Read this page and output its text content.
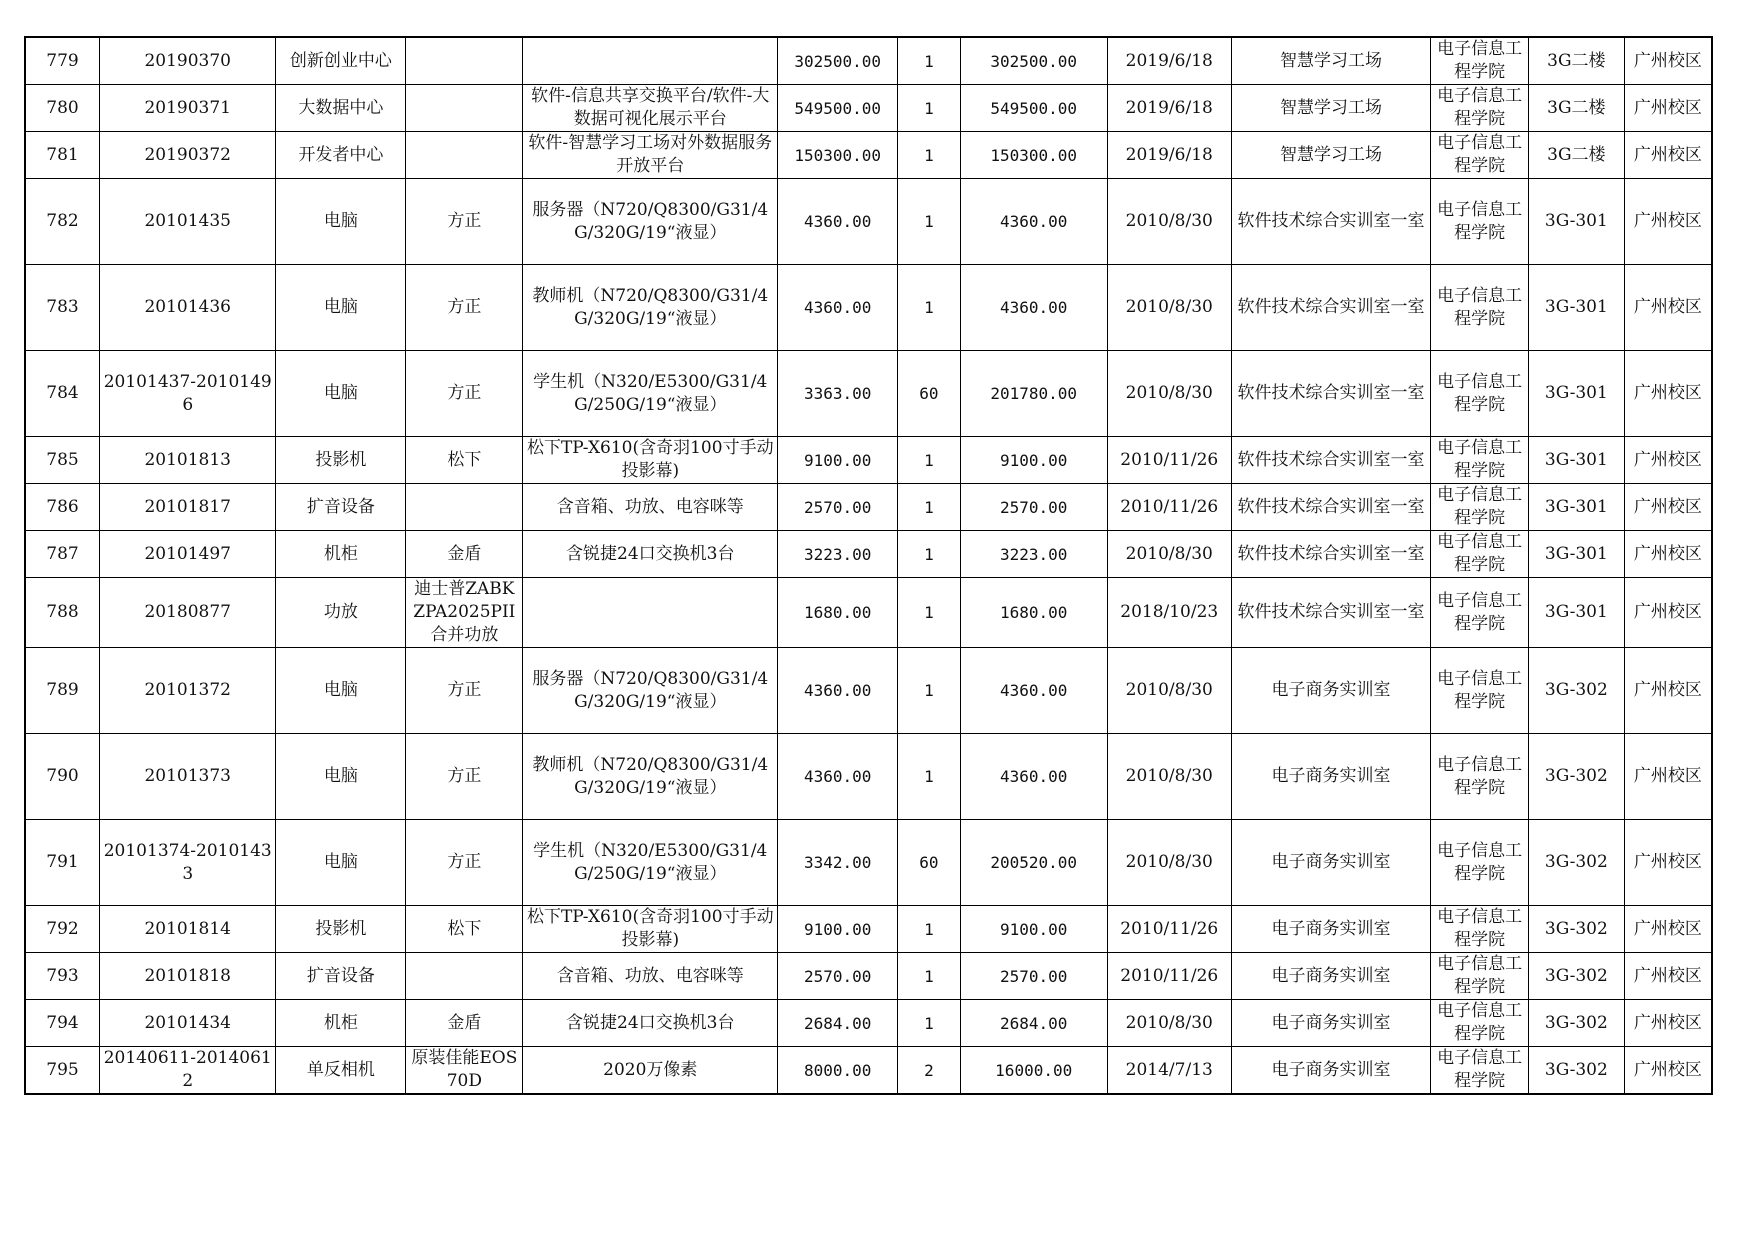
779	20190370	创新创业中心			302500.00	1	302500.00	2019/6/18	智慧学习工场	电子信息工程学院	3G二楼	广州校区
780	20190371	大数据中心		软件-信息共享交换平台/软件-大数据可视化展示平台	549500.00	1	549500.00	2019/6/18	智慧学习工场	电子信息工程学院	3G二楼	广州校区
781	20190372	开发者中心		软件-智慧学习工场对外数据服务开放平台	150300.00	1	150300.00	2019/6/18	智慧学习工场	电子信息工程学院	3G二楼	广州校区
782	20101435	电脑	方正	服务器（N720/Q8300/G31/4G/320G/19“液显）	4360.00	1	4360.00	2010/8/30	软件技术综合实训室一室	电子信息工程学院	3G-301	广州校区
783	20101436	电脑	方正	教师机（N720/Q8300/G31/4G/320G/19“液显）	4360.00	1	4360.00	2010/8/30	软件技术综合实训室一室	电子信息工程学院	3G-301	广州校区
784	20101437-20101496	电脑	方正	学生机（N320/E5300/G31/4G/250G/19“液显）	3363.00	60	201780.00	2010/8/30	软件技术综合实训室一室	电子信息工程学院	3G-301	广州校区
785	20101813	投影机	松下	松下TP-X610(含奇羽100寸手动投影幕)	9100.00	1	9100.00	2010/11/26	软件技术综合实训室一室	电子信息工程学院	3G-301	广州校区
786	20101817	扩音设备		含音箱、功放、电容咪等	2570.00	1	2570.00	2010/11/26	软件技术综合实训室一室	电子信息工程学院	3G-301	广州校区
787	20101497	机柜	金盾	含锐捷24口交换机3台	3223.00	1	3223.00	2010/8/30	软件技术综合实训室一室	电子信息工程学院	3G-301	广州校区
788	20180877	功放	迪士普ZABKZPA2025PII合并功放		1680.00	1	1680.00	2018/10/23	软件技术综合实训室一室	电子信息工程学院	3G-301	广州校区
789	20101372	电脑	方正	服务器（N720/Q8300/G31/4G/320G/19“液显）	4360.00	1	4360.00	2010/8/30	电子商务实训室	电子信息工程学院	3G-302	广州校区
790	20101373	电脑	方正	教师机（N720/Q8300/G31/4G/320G/19“液显）	4360.00	1	4360.00	2010/8/30	电子商务实训室	电子信息工程学院	3G-302	广州校区
791	20101374-20101433	电脑	方正	学生机（N320/E5300/G31/4G/250G/19“液显）	3342.00	60	200520.00	2010/8/30	电子商务实训室	电子信息工程学院	3G-302	广州校区
792	20101814	投影机	松下	松下TP-X610(含奇羽100寸手动投影幕)	9100.00	1	9100.00	2010/11/26	电子商务实训室	电子信息工程学院	3G-302	广州校区
793	20101818	扩音设备		含音箱、功放、电容咪等	2570.00	1	2570.00	2010/11/26	电子商务实训室	电子信息工程学院	3G-302	广州校区
794	20101434	机柜	金盾	含锐捷24口交换机3台	2684.00	1	2684.00	2010/8/30	电子商务实训室	电子信息工程学院	3G-302	广州校区
795	20140611-20140612	单反相机	原装佳能EOS 70D	2020万像素	8000.00	2	16000.00	2014/7/13	电子商务实训室	电子信息工程学院	3G-302	广州校区
